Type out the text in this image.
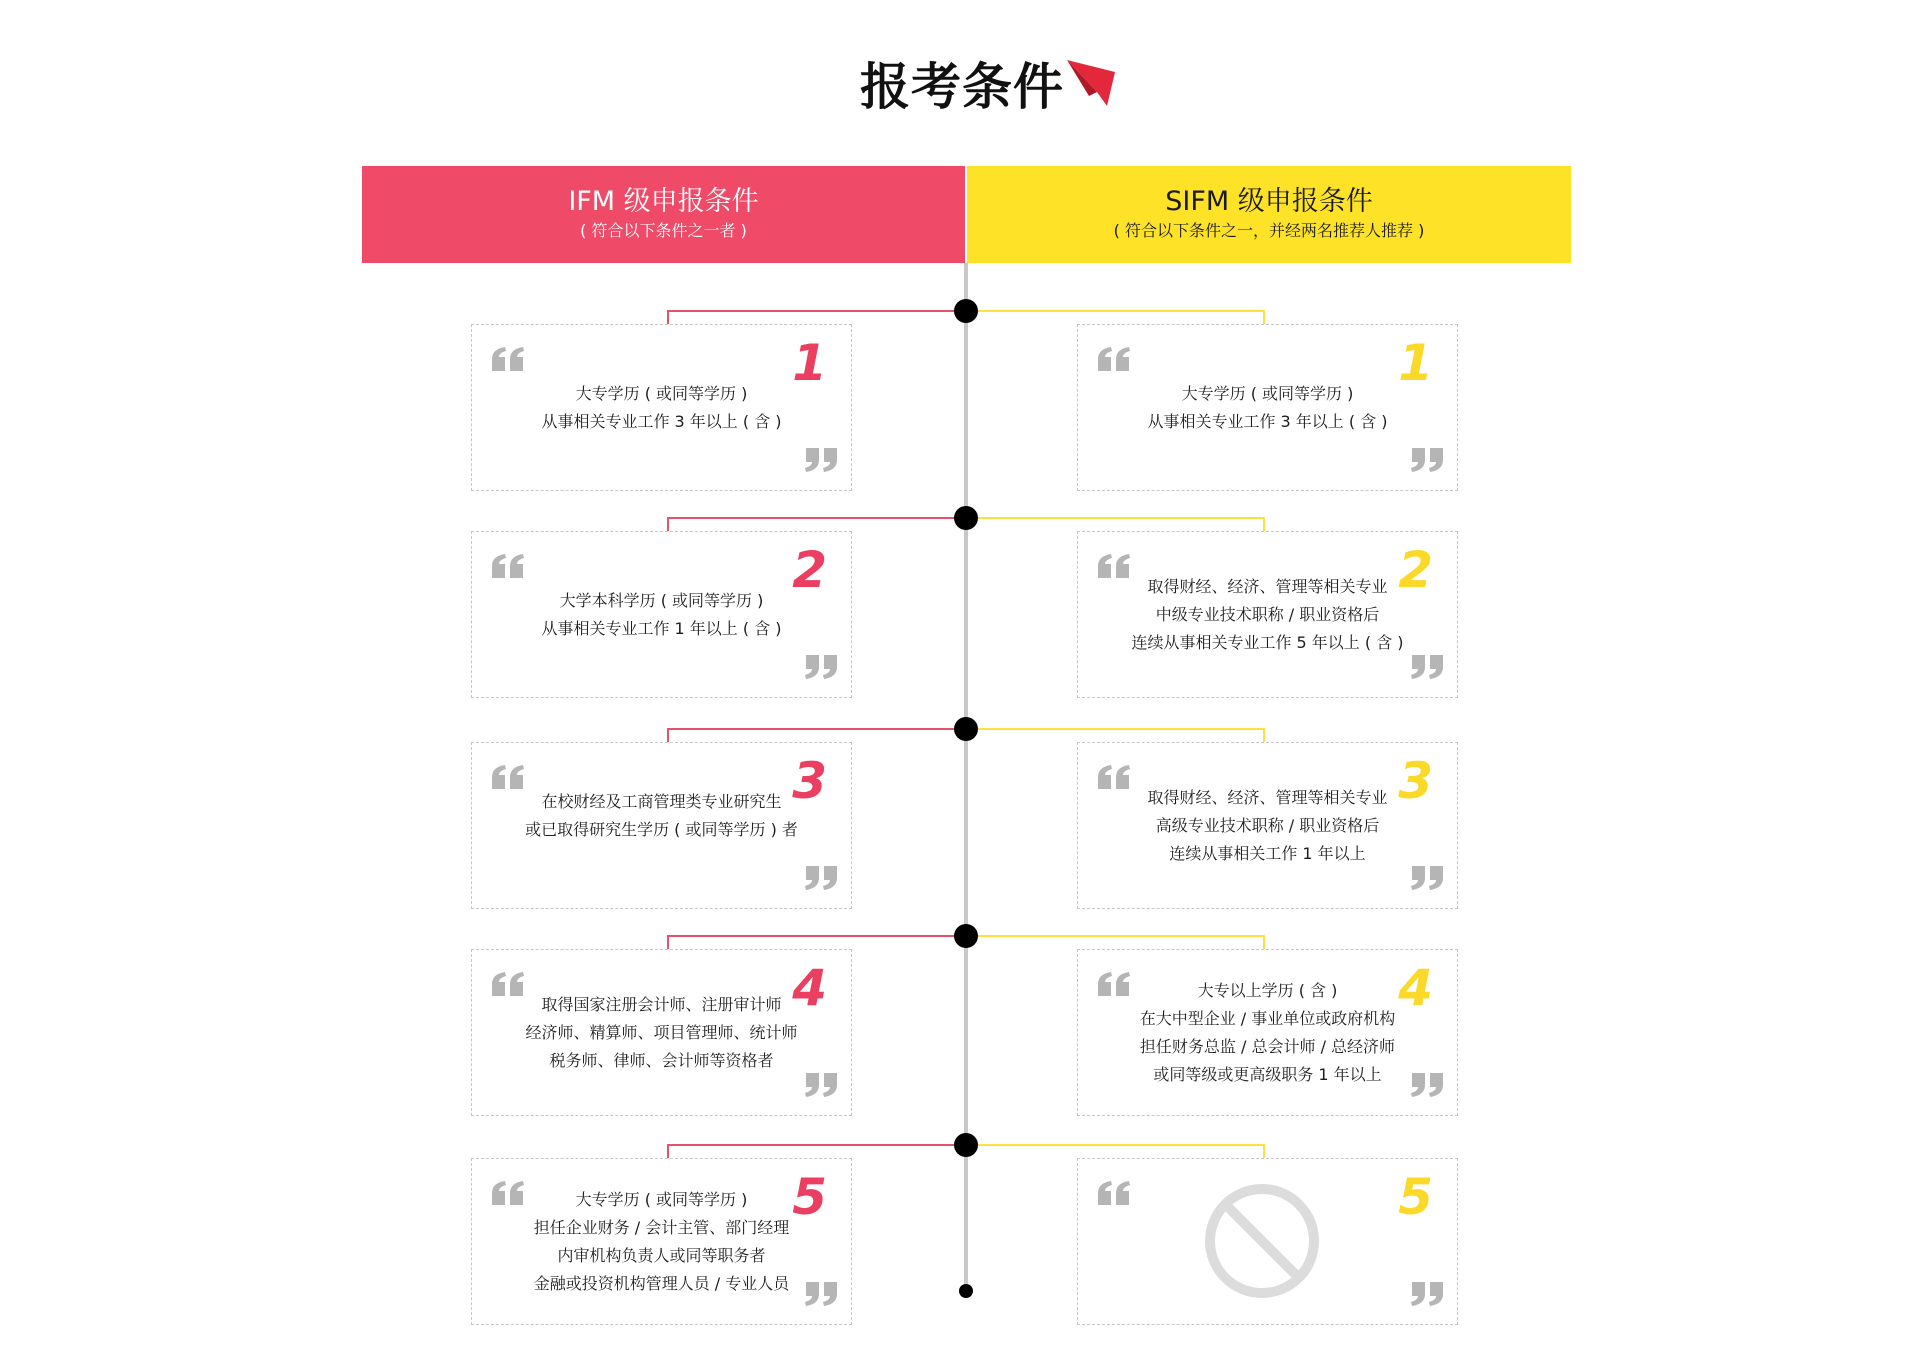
报考条件
IFM 级申报条件
( 符合以下条件之一者 )
SIFM 级申报条件
( 符合以下条件之一，并经两名推荐人推荐 )
1
大专学历 ( 或同等学历 )
从事相关专业工作 3 年以上 ( 含 )
2
大学本科学历 ( 或同等学历 )
从事相关专业工作 1 年以上 ( 含 )
3
在校财经及工商管理类专业研究生
或已取得研究生学历 ( 或同等学历 ) 者
4
取得国家注册会计师、注册审计师
经济师、精算师、项目管理师、统计师
税务师、律师、会计师等资格者
5
大专学历 ( 或同等学历 )
担任企业财务 / 会计主管、部门经理
内审机构负责人或同等职务者
金融或投资机构管理人员 / 专业人员
1
大专学历 ( 或同等学历 )
从事相关专业工作 3 年以上 ( 含 )
2
取得财经、经济、管理等相关专业
中级专业技术职称 / 职业资格后
连续从事相关专业工作 5 年以上 ( 含 )
3
取得财经、经济、管理等相关专业
高级专业技术职称 / 职业资格后
连续从事相关工作 1 年以上
4
大专以上学历 ( 含 )
在大中型企业 / 事业单位或政府机构
担任财务总监 / 总会计师 / 总经济师
或同等级或更高级职务 1 年以上
5
